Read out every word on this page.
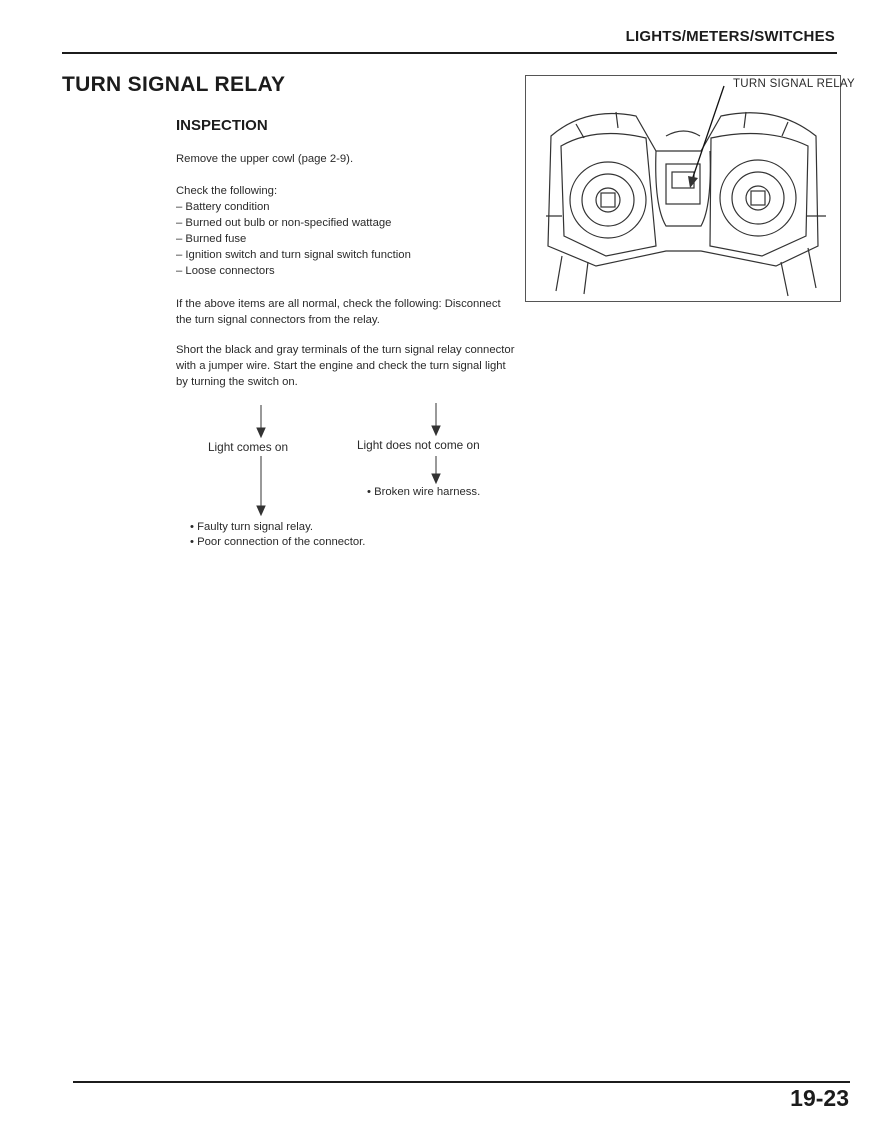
LIGHTS/METERS/SWITCHES
TURN SIGNAL RELAY
INSPECTION
Remove the upper cowl (page 2-9).
Check the following:
– Battery condition
– Burned out bulb or non-specified wattage
– Burned fuse
– Ignition switch and turn signal switch function
– Loose connectors
If the above items are all normal, check the following: Disconnect the turn signal connectors from the relay.
Short the black and gray terminals of the turn signal relay connector with a jumper wire. Start the engine and check the turn signal light by turning the switch on.
Light comes on	Light does not come on
• Broken wire harness.
• Faulty turn signal relay.
• Poor connection of the connector.
TURN SIGNAL RELAY
19-23
